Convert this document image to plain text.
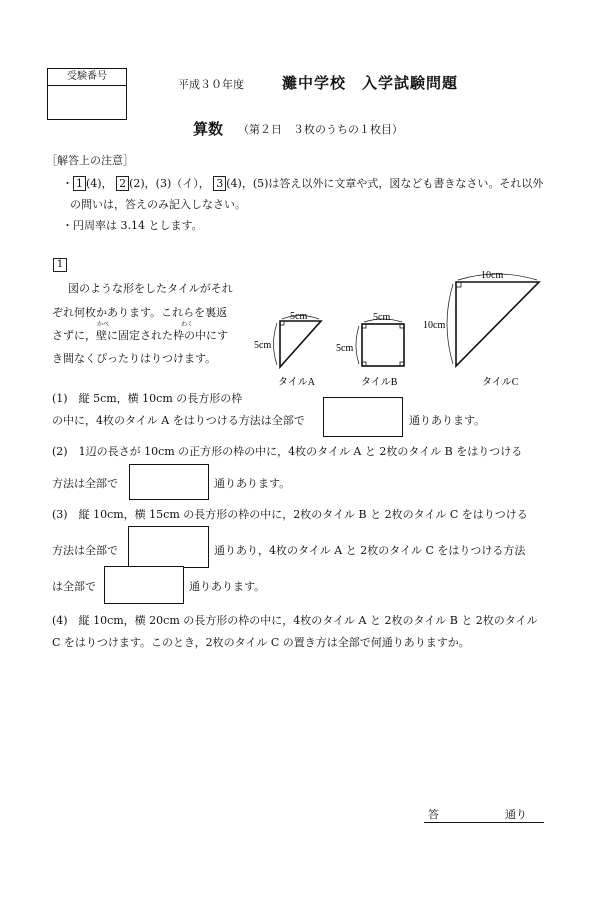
受験番号
平成３０年度	灘中学校　入学試験問題
算数 （第２日　３枚のうちの１枚目）
［解答上の注意］
・ 1 (4)， 2 (2)，(3)（イ）， 3 (4)，(5)は答え以外に文章や式，図なども書きなさい。それ以外
の問いは，答えのみ記入しなさい。
・円周率は 3.14 とします。
1
図のような形をしたタイルがそれ
ぞれ何枚かあります。これらを裏返
かべ	わく
さずに，壁に固定された枠の中にす
き間なくぴったりはりつけます。
5cm
5cm
タイルA
5cm
5cm
タイルB
10cm
10cm
タイルC
(1)　縦 5cm，横 10cm の長方形の枠
の中に，4枚のタイル A をはりつける方法は全部で	通りあります。
(2)　1辺の長さが 10cm の正方形の枠の中に，4枚のタイル A と 2枚のタイル B をはりつける
方法は全部で	通りあります。
(3)　縦 10cm，横 15cm の長方形の枠の中に，2枚のタイル B と 2枚のタイル C をはりつける
方法は全部で	通りあり，4枚のタイル A と 2枚のタイル C をはりつける方法
は全部で	通りあります。
(4)　縦 10cm，横 20cm の長方形の枠の中に，4枚のタイル A と 2枚のタイル B と 2枚のタイル
C をはりつけます。このとき，2枚のタイル C の置き方は全部で何通りありますか。
答	通り
